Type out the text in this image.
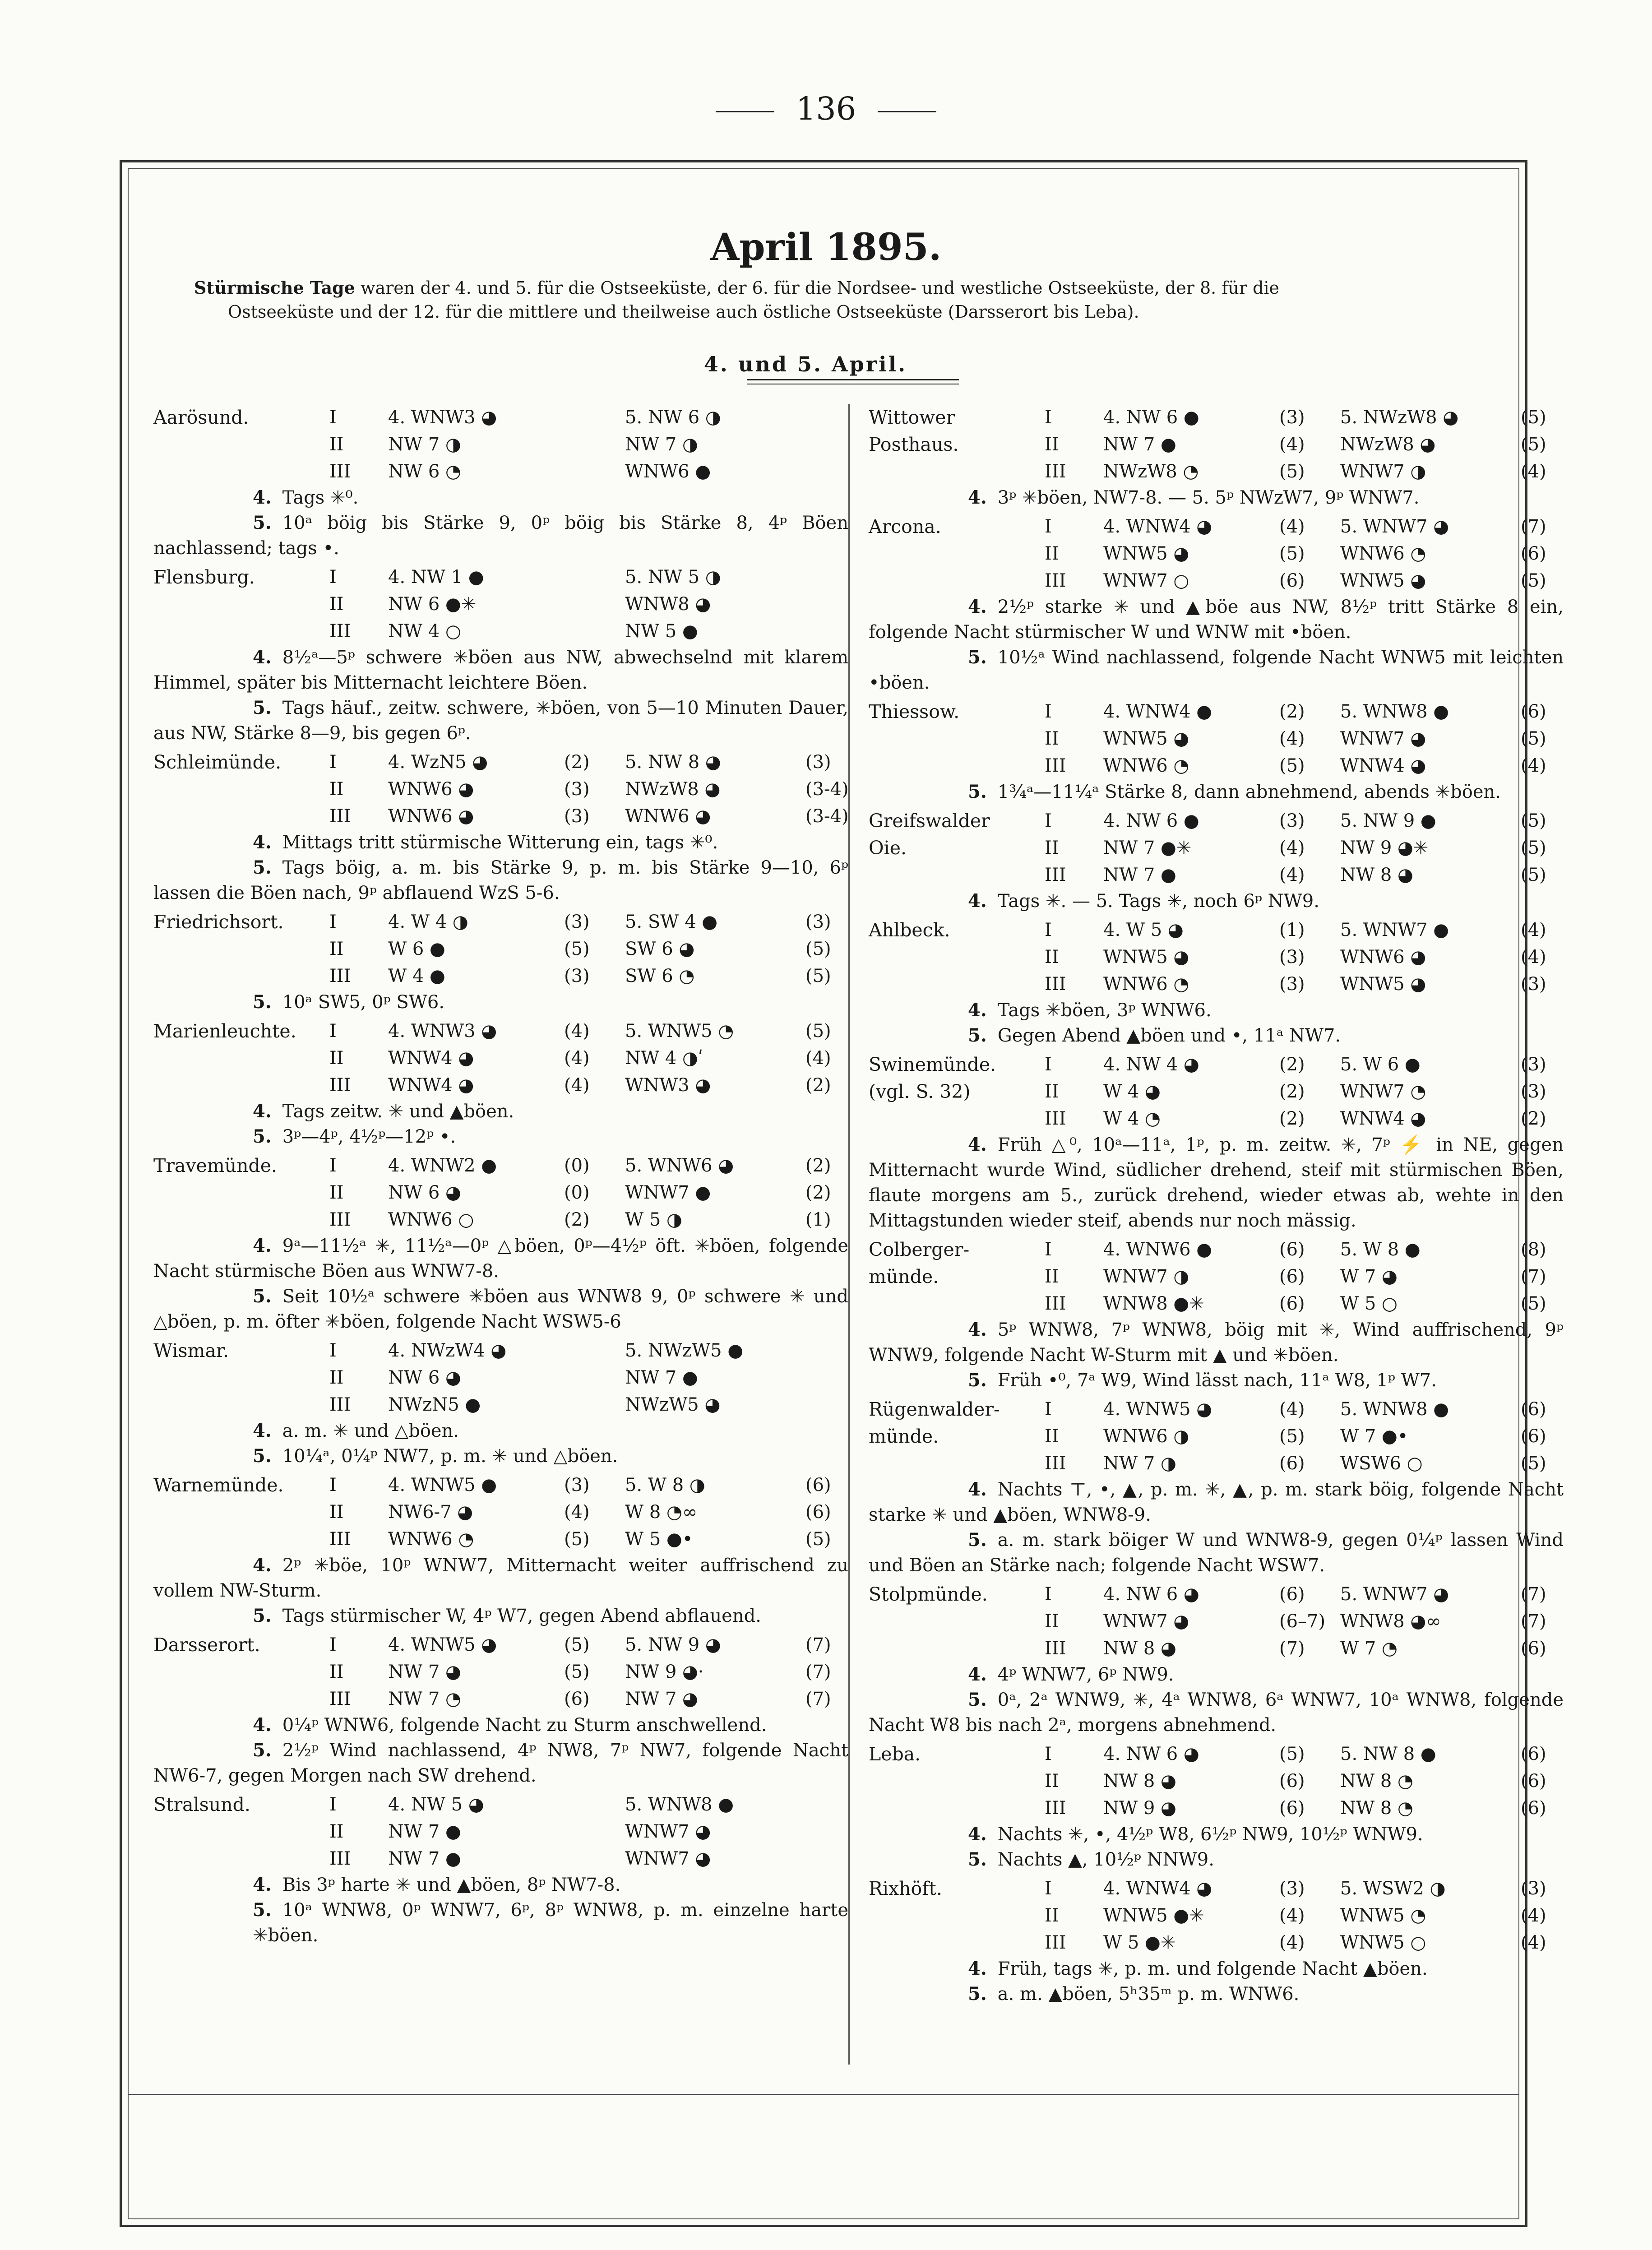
136
April 1895.
Stürmische Tage waren der 4. und 5. für die Ostseeküste, der 6. für die Nordsee- und westliche Ostseeküste, der 8. für die
Ostseeküste und der 12. für die mittlere und theilweise auch östliche Ostseeküste (Darsserort bis Leba).
4. und 5. April.
Aarösund.	I	4. WNW3 ◕	5. NW 6 ◑
II NW 7 ◑	NW 7 ◑
III NW 6 ◔	WNW6 ●
4. Tags ✳⁰.
5. 10ᵃ böig bis Stärke 9, 0ᵖ böig bis Stärke 8, 4ᵖ Böen nachlassend; tags •.
Flensburg.	I	4. NW 1 ●	5. NW 5 ◑
II NW 6 ●✳	WNW8 ◕
III NW 4 ○	NW 5 ●
4. 8½ᵃ—5ᵖ schwere ✳böen aus NW, abwechselnd mit klarem Himmel, später bis Mitternacht leichtere Böen.
5. Tags häuf., zeitw. schwere, ✳böen, von 5—10 Minuten Dauer, aus NW, Stärke 8—9, bis gegen 6ᵖ.
Schleimünde.	I	4. WzN5 ◕	(2) 5. NW 8 ◕	(3)
II WNW6 ◕	(3) NWzW8 ◕	(3-4)
III WNW6 ◕	(3) WNW6 ◕	(3-4)
4. Mittags tritt stürmische Witterung ein, tags ✳⁰.
5. Tags böig, a. m. bis Stärke 9, p. m. bis Stärke 9—10, 6ᵖ lassen die Böen nach, 9ᵖ abflauend WzS 5-6.
Friedrichsort.	I	4. W 4 ◑	(3) 5. SW 4 ●	(3)
II W 6 ●	(5) SW 6 ◕	(5)
III W 4 ●	(3) SW 6 ◔	(5)
5. 10ᵃ SW5, 0ᵖ SW6.
Marienleuchte. I	4. WNW3 ◕	(4) 5. WNW5 ◔	(5)
II WNW4 ◕	(4) NW 4 ◑ʹ	(4)
III WNW4 ◕	(4) WNW3 ◕	(2)
4. Tags zeitw. ✳ und ▲böen.
5. 3ᵖ—4ᵖ, 4½ᵖ—12ᵖ •.
Travemünde.	I	4. WNW2 ●	(0) 5. WNW6 ◕	(2)
II NW 6 ◕	(0) WNW7 ●	(2)
III WNW6 ○	(2) W 5 ◑	(1)
4. 9ᵃ—11½ᵃ ✳, 11½ᵃ—0ᵖ △böen, 0ᵖ—4½ᵖ öft. ✳böen, folgende Nacht stürmische Böen aus WNW7-8.
5. Seit 10½ᵃ schwere ✳böen aus WNW8 9, 0ᵖ schwere ✳ und △böen, p. m. öfter ✳böen, folgende Nacht WSW5-6
Wismar.	I	4. NWzW4 ◕	5. NWzW5 ●
II NW 6 ◕	NW 7 ●
III NWzN5 ●	NWzW5 ◕
4. a. m. ✳ und △böen.
5. 10¼ᵃ, 0¼ᵖ NW7, p. m. ✳ und △böen.
Warnemünde.	I	4. WNW5 ●	(3) 5. W 8 ◑	(6)
II NW6-7 ◕	(4) W 8 ◔∞	(6)
III WNW6 ◔	(5) W 5 ●•	(5)
4. 2ᵖ ✳böe, 10ᵖ WNW7, Mitternacht weiter auffrischend zu vollem NW-Sturm.
5. Tags stürmischer W, 4ᵖ W7, gegen Abend abflauend.
Darsserort.	I	4. WNW5 ◕	(5) 5. NW 9 ◕	(7)
II NW 7 ◕	(5) NW 9 ◕·	(7)
III NW 7 ◔	(6) NW 7 ◕	(7)
4. 0¼ᵖ WNW6, folgende Nacht zu Sturm anschwellend.
5. 2½ᵖ Wind nachlassend, 4ᵖ NW8, 7ᵖ NW7, folgende Nacht NW6-7, gegen Morgen nach SW drehend.
Stralsund.	I	4. NW 5 ◕	5. WNW8 ●
II NW 7 ●	WNW7 ◕
III NW 7 ●	WNW7 ◕
4. Bis 3ᵖ harte ✳ und ▲böen, 8ᵖ NW7-8.
5. 10ᵃ WNW8, 0ᵖ WNW7, 6ᵖ, 8ᵖ WNW8, p. m. einzelne harte ✳böen.
Wittower	I	4. NW 6 ●	(3) 5. NWzW8 ◕	(5)
Posthaus.	II NW 7 ●	(4) NWzW8 ◕	(5)
III NWzW8 ◔	(5) WNW7 ◑	(4)
4. 3ᵖ ✳böen, NW7-8. — 5. 5ᵖ NWzW7, 9ᵖ WNW7.
Arcona.	I	4. WNW4 ◕	(4) 5. WNW7 ◕	(7)
II WNW5 ◕	(5) WNW6 ◔	(6)
III WNW7 ○	(6) WNW5 ◕	(5)
4. 2½ᵖ starke ✳ und ▲böe aus NW, 8½ᵖ tritt Stärke 8 ein, folgende Nacht stürmischer W und WNW mit •böen.
5. 10½ᵃ Wind nachlassend, folgende Nacht WNW5 mit leichten •böen.
Thiessow.	I	4. WNW4 ●	(2) 5. WNW8 ●	(6)
II WNW5 ◕	(4) WNW7 ◕	(5)
III WNW6 ◔	(5) WNW4 ◕	(4)
5. 1¾ᵃ—11¼ᵃ Stärke 8, dann abnehmend, abends ✳böen.
Greifswalder	I	4. NW 6 ●	(3) 5. NW 9 ●	(5)
Oie.	II NW 7 ●✳	(4) NW 9 ◕✳	(5)
III NW 7 ●	(4) NW 8 ◕	(5)
4. Tags ✳. — 5. Tags ✳, noch 6ᵖ NW9.
Ahlbeck.	I	4. W 5 ◕	(1) 5. WNW7 ●	(4)
II WNW5 ◕	(3) WNW6 ◕	(4)
III WNW6 ◔	(3) WNW5 ◕	(3)
4. Tags ✳böen, 3ᵖ WNW6.
5. Gegen Abend ▲böen und •, 11ᵃ NW7.
Swinemünde.	I	4. NW 4 ◕	(2) 5. W 6 ●	(3)
(vgl. S. 32)	II W 4 ◕	(2) WNW7 ◔	(3)
III W 4 ◔	(2) WNW4 ◕	(2)
4. Früh △⁰, 10ᵃ—11ᵃ, 1ᵖ, p. m. zeitw. ✳, 7ᵖ ⚡ in NE, gegen Mitternacht wurde Wind, südlicher drehend, steif mit stürmischen Böen, flaute morgens am 5., zurück drehend, wieder etwas ab, wehte in den Mittagstunden wieder steif, abends nur noch mässig.
Colberger-	I	4. WNW6 ●	(6) 5. W 8 ●	(8)
münde.	II WNW7 ◑	(6) W 7 ◕	(7)
III WNW8 ●✳	(6) W 5 ○	(5)
4. 5ᵖ WNW8, 7ᵖ WNW8, böig mit ✳, Wind auffrischend, 9ᵖ WNW9, folgende Nacht W-Sturm mit ▲ und ✳böen.
5. Früh •⁰, 7ᵃ W9, Wind lässt nach, 11ᵃ W8, 1ᵖ W7.
Rügenwalder- I	4. WNW5 ◕	(4) 5. WNW8 ●	(6)
münde.	II WNW6 ◑	(5) W 7 ●•	(6)
III NW 7 ◑	(6) WSW6 ○	(5)
4. Nachts ⊤, •, ▲, p. m. ✳, ▲, p. m. stark böig, folgende Nacht starke ✳ und ▲böen, WNW8-9.
5. a. m. stark böiger W und WNW8-9, gegen 0¼ᵖ lassen Wind und Böen an Stärke nach; folgende Nacht WSW7.
Stolpmünde.	I	4. NW 6 ◕	(6) 5. WNW7 ◕	(7)
II WNW7 ◕	(6–7) WNW8 ◕∞	(7)
III NW 8 ◕	(7) W 7 ◔	(6)
4. 4ᵖ WNW7, 6ᵖ NW9.
5. 0ᵃ, 2ᵃ WNW9, ✳, 4ᵃ WNW8, 6ᵃ WNW7, 10ᵃ WNW8, folgende Nacht W8 bis nach 2ᵃ, morgens abnehmend.
Leba.	I	4. NW 6 ◕	(5) 5. NW 8 ●	(6)
II NW 8 ◕	(6) NW 8 ◔	(6)
III NW 9 ◕	(6) NW 8 ◔	(6)
4. Nachts ✳, •, 4½ᵖ W8, 6½ᵖ NW9, 10½ᵖ WNW9.
5. Nachts ▲, 10½ᵖ NNW9.
Rixhöft.	I	4. WNW4 ◕	(3) 5. WSW2 ◑	(3)
II WNW5 ●✳	(4) WNW5 ◔	(4)
III W 5 ●✳	(4) WNW5 ○	(4)
4. Früh, tags ✳, p. m. und folgende Nacht ▲böen.
5. a. m. ▲böen, 5ʰ35ᵐ p. m. WNW6.
